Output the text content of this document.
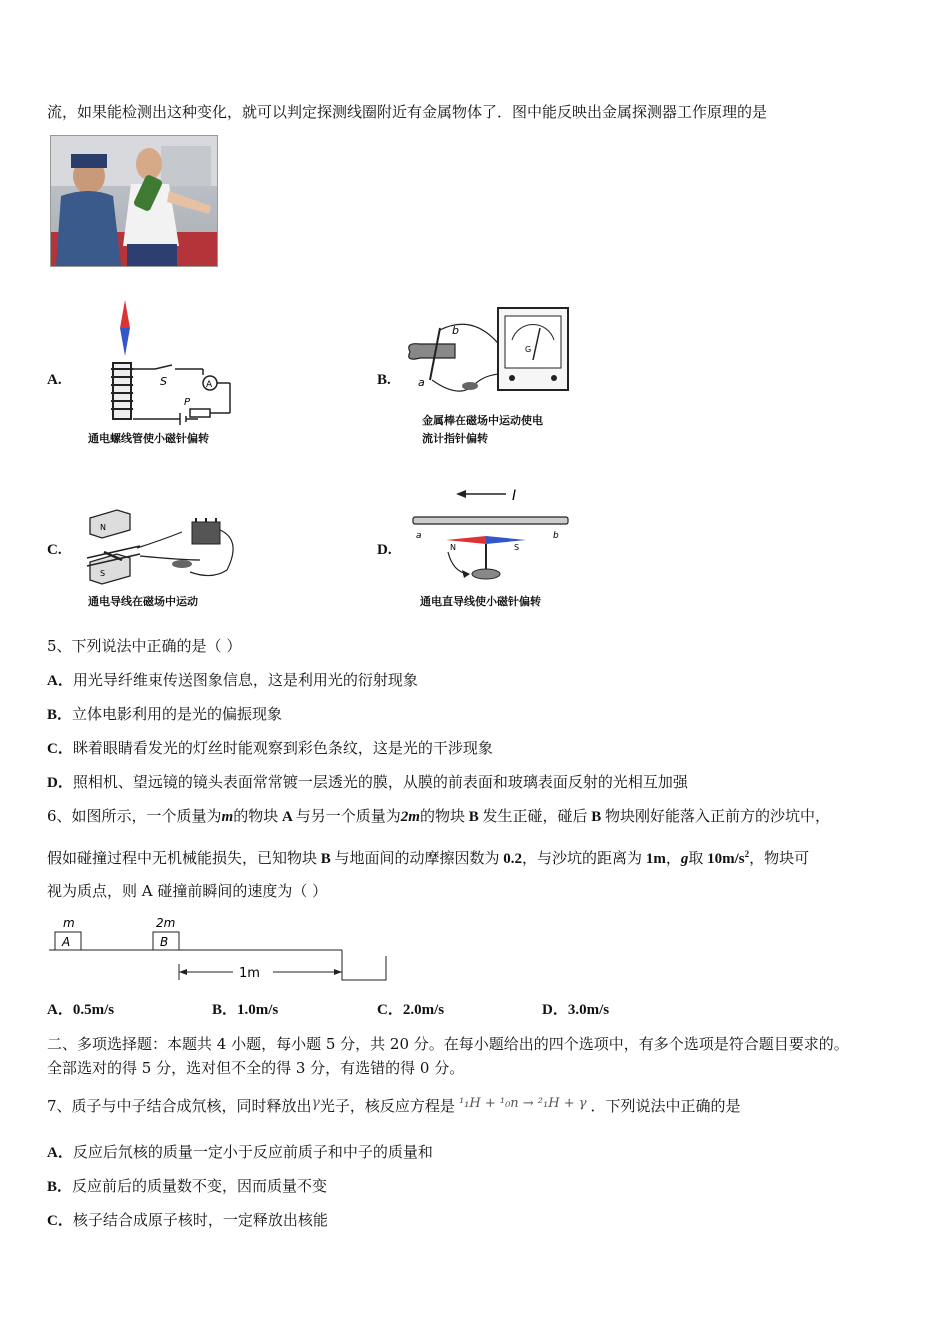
流，如果能检测出这种变化，就可以判定探测线圈附近有金属物体了．图中能反映出金属探测器工作原理的是
A.	S	A
P
通电螺线管使小磁针偏转
B.
b
a
G
金属棒在磁场中运动使电
流计指针偏转
C.
N
S
通电导线在磁场中运动
D.
I
a	b
N	S
通电直导线使小磁针偏转
5、下列说法中正确的是（ ）
A．用光导纤维束传送图象信息，这是利用光的衍射现象
B．立体电影利用的是光的偏振现象
C．眯着眼睛看发光的灯丝时能观察到彩色条纹，这是光的干涉现象
D．照相机、望远镜的镜头表面常常镀一层透光的膜，从膜的前表面和玻璃表面反射的光相互加强
6、如图所示，一个质量为m的物块 A 与另一个质量为2m的物块 B 发生正碰，碰后 B 物块刚好能落入正前方的沙坑中，
假如碰撞过程中无机械能损失，已知物块 B 与地面间的动摩擦因数为 0.2，与沙坑的距离为 1m，g取 $10m/s^2$，物块可
视为质点，则 A 碰撞前瞬间的速度为（ ）
m
A
2m
B
1m
A．0.5m/s	B．1.0m/s	C．2.0m/s	D．3.0m/s
二、多项选择题：本题共 4 小题，每小题 5 分，共 20 分。在每小题给出的四个选项中，有多个选项是符合题目要求的。
全部选对的得 5 分，选对但不全的得 3 分，有选错的得 0 分。
7、质子与中子结合成氘核，同时释放出γ光子，核反应方程是 ¹₁H + ¹₀n → ²₁H + γ ．下列说法中正确的是
A．反应后氘核的质量一定小于反应前质子和中子的质量和
B．反应前后的质量数不变，因而质量不变
C．核子结合成原子核时，一定释放出核能
